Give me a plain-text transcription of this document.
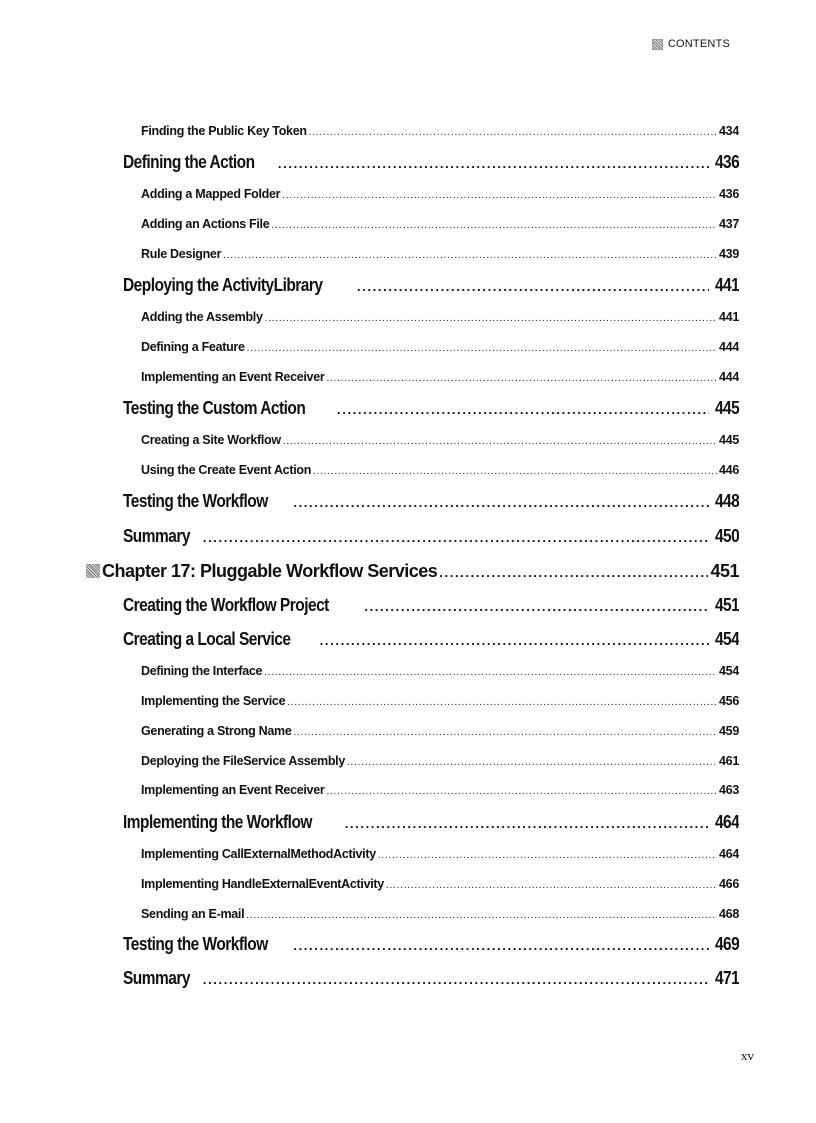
CONTENTS
Finding the Public Key Token . . .	434
Defining the Action . . .	436
Adding a Mapped Folder . . .	436
Adding an Actions File . . .	437
Rule Designer . . .	439
Deploying the ActivityLibrary . . .	441
Adding the Assembly . . .	441
Defining a Feature . . .	444
Implementing an Event Receiver . . .	444
Testing the Custom Action . . .	445
Creating a Site Workflow . . .	445
Using the Create Event Action . . .	446
Testing the Workflow . . .	448
Summary . . .	450
Chapter 17: Pluggable Workflow Services . . .	451
Creating the Workflow Project . . .	451
Creating a Local Service . . .	454
Defining the Interface . . .	454
Implementing the Service . . .	456
Generating a Strong Name . . .	459
Deploying the FileService Assembly . . .	461
Implementing an Event Receiver . . .	463
Implementing the Workflow . . .	464
Implementing CallExternalMethodActivity . . .	464
Implementing HandleExternalEventActivity . . .	466
Sending an E-mail . . .	468
Testing the Workflow . . .	469
Summary . . .	471
xv
